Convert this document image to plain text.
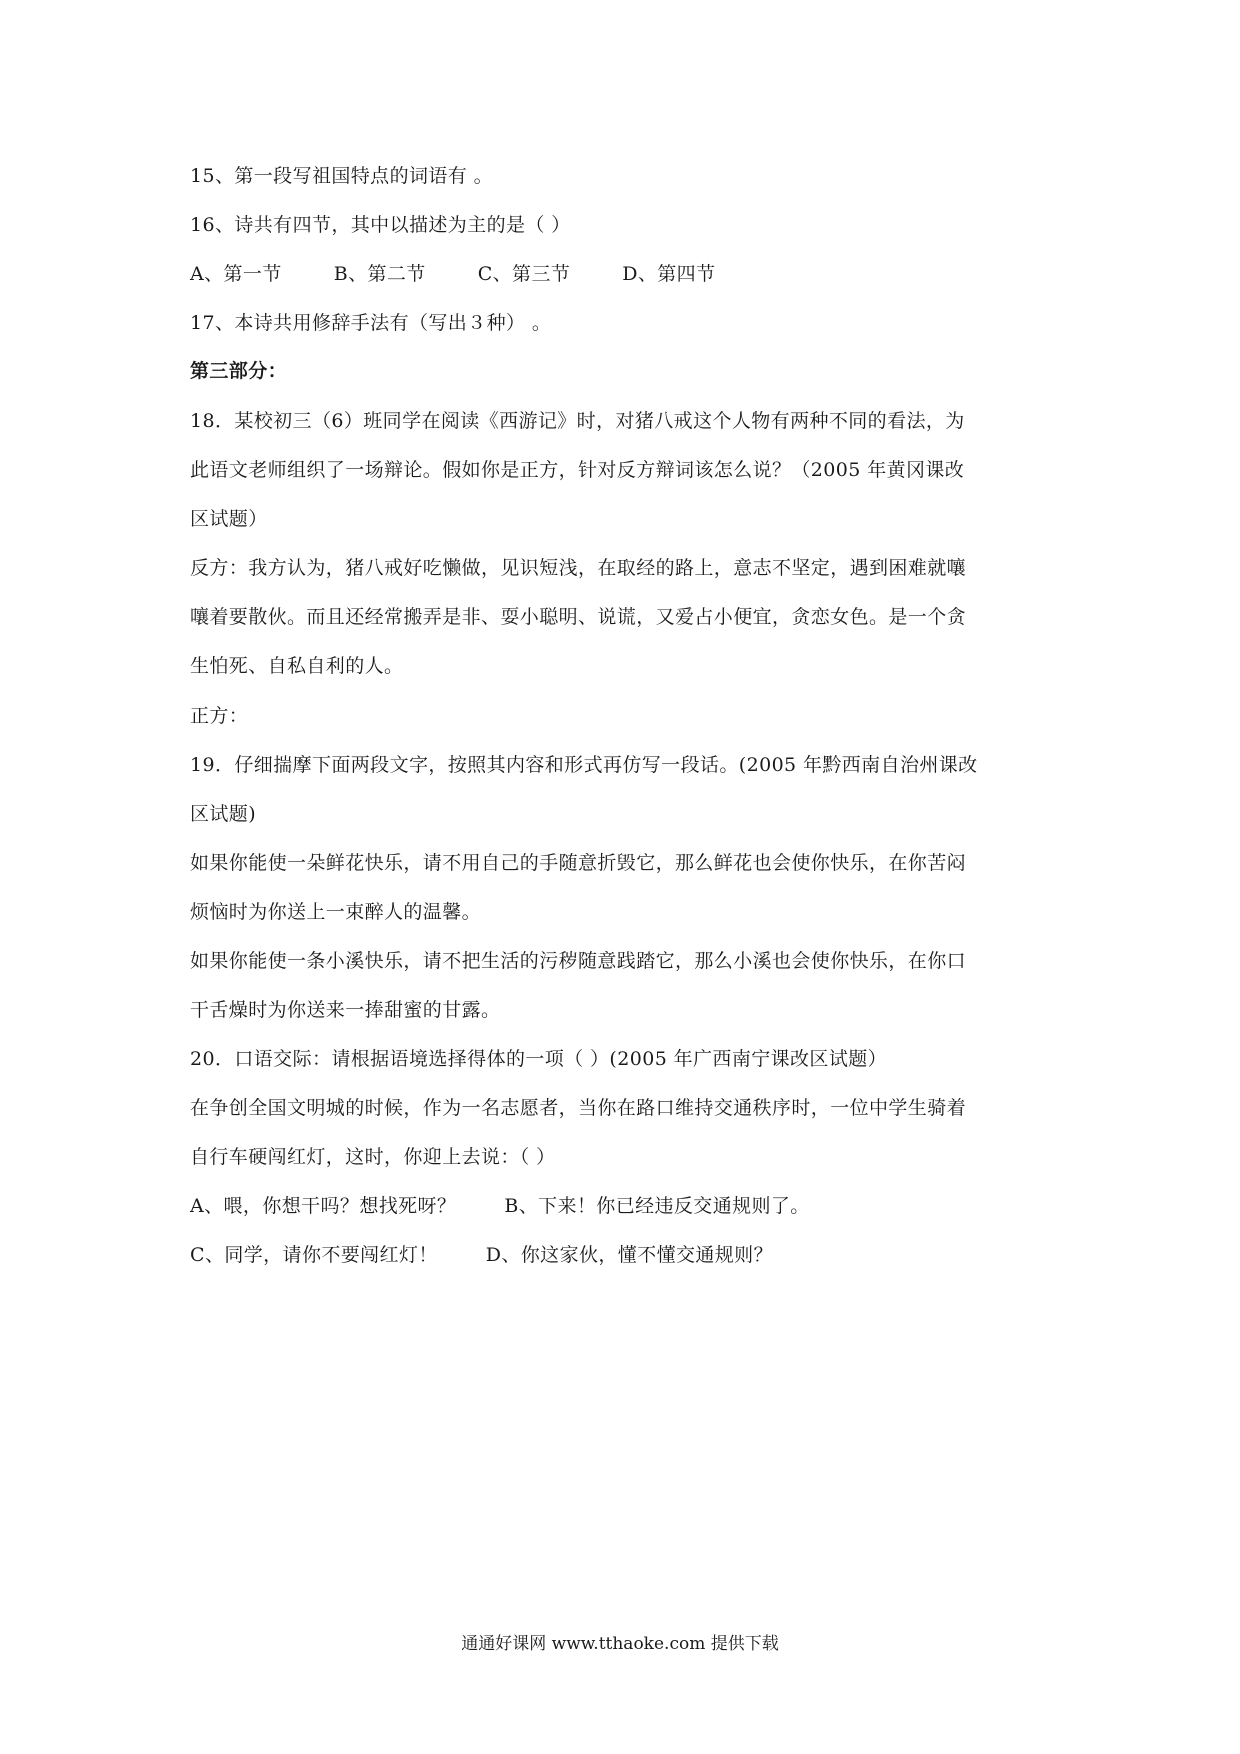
15、第一段写祖国特点的词语有 。
16、诗共有四节，其中以描述为主的是（ ）
A、第一节	B、第二节	C、第三节	D、第四节
17、本诗共用修辞手法有（写出３种） 。
第三部分：
18．某校初三（6）班同学在阅读《西游记》时，对猪八戒这个人物有两种不同的看法，为
此语文老师组织了一场辩论。假如你是正方，针对反方辩词该怎么说？（2005 年黄冈课改
区试题）
反方：我方认为，猪八戒好吃懒做，见识短浅，在取经的路上，意志不坚定，遇到困难就嚷
嚷着要散伙。而且还经常搬弄是非、耍小聪明、说谎，又爱占小便宜，贪恋女色。是一个贪
生怕死、自私自利的人。
正方：
19．仔细揣摩下面两段文字，按照其内容和形式再仿写一段话。(2005 年黔西南自治州课改
区试题)
如果你能使一朵鲜花快乐，请不用自己的手随意折毁它，那么鲜花也会使你快乐，在你苦闷
烦恼时为你送上一束醉人的温馨。
如果你能使一条小溪快乐，请不把生活的污秽随意践踏它，那么小溪也会使你快乐，在你口
干舌燥时为你送来一捧甜蜜的甘露。
20．口语交际：请根据语境选择得体的一项（ ）(2005 年广西南宁课改区试题）
在争创全国文明城的时候，作为一名志愿者，当你在路口维持交通秩序时，一位中学生骑着
自行车硬闯红灯，这时，你迎上去说：（ ）
A、喂，你想干吗？想找死呀？	B、下来！你已经违反交通规则了。
C、同学，请你不要闯红灯！	D、你这家伙，懂不懂交通规则？
通通好课网 www.tthaoke.com 提供下载
